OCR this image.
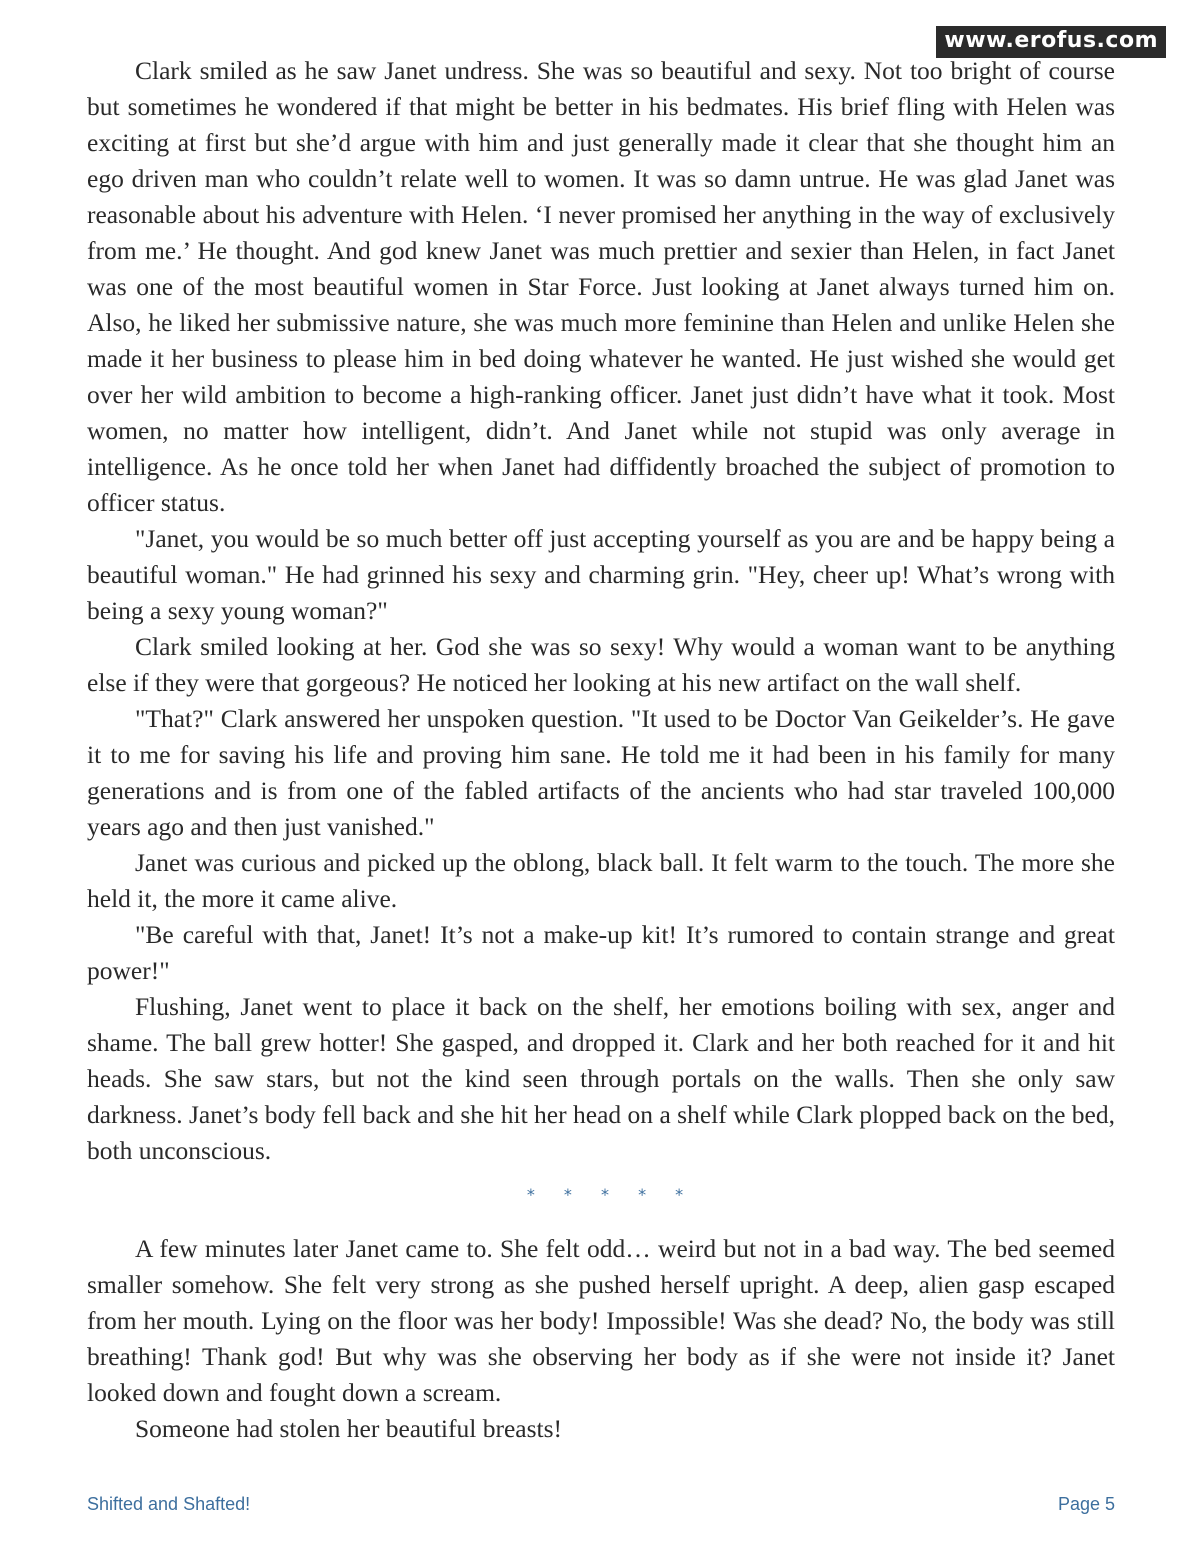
www.erofus.com

Clark smiled as he saw Janet undress. She was so beautiful and sexy. Not too bright of course but sometimes he wondered if that might be better in his bedmates. His brief fling with Helen was exciting at first but she’d argue with him and just generally made it clear that she thought him an ego driven man who couldn’t relate well to women. It was so damn untrue. He was glad Janet was reasonable about his adventure with Helen. ‘I never promised her anything in the way of exclusively from me.’ He thought. And god knew Janet was much prettier and sexier than Helen, in fact Janet was one of the most beautiful women in Star Force. Just looking at Janet always turned him on. Also, he liked her submissive nature, she was much more feminine than Helen and unlike Helen she made it her business to please him in bed doing whatever he wanted. He just wished she would get over her wild ambition to become a high-ranking officer. Janet just didn’t have what it took. Most women, no matter how intelligent, didn’t. And Janet while not stupid was only average in intelligence. As he once told her when Janet had diffidently broached the subject of promotion to officer status.

"Janet, you would be so much better off just accepting yourself as you are and be happy being a beautiful woman." He had grinned his sexy and charming grin. "Hey, cheer up! What’s wrong with being a sexy young woman?"

Clark smiled looking at her. God she was so sexy! Why would a woman want to be anything else if they were that gorgeous? He noticed her looking at his new artifact on the wall shelf.

"That?" Clark answered her unspoken question. "It used to be Doctor Van Geikelder’s. He gave it to me for saving his life and proving him sane. He told me it had been in his family for many generations and is from one of the fabled artifacts of the ancients who had star traveled 100,000 years ago and then just vanished."

Janet was curious and picked up the oblong, black ball. It felt warm to the touch. The more she held it, the more it came alive.

"Be careful with that, Janet! It’s not a make-up kit! It’s rumored to contain strange and great power!"

Flushing, Janet went to place it back on the shelf, her emotions boiling with sex, anger and shame. The ball grew hotter! She gasped, and dropped it. Clark and her both reached for it and hit heads. She saw stars, but not the kind seen through portals on the walls. Then she only saw darkness. Janet’s body fell back and she hit her head on a shelf while Clark plopped back on the bed, both unconscious.

* * * * *

A few minutes later Janet came to. She felt odd… weird but not in a bad way. The bed seemed smaller somehow. She felt very strong as she pushed herself upright. A deep, alien gasp escaped from her mouth. Lying on the floor was her body! Impossible! Was she dead? No, the body was still breathing! Thank god! But why was she observing her body as if she were not inside it? Janet looked down and fought down a scream.

Someone had stolen her beautiful breasts!

Shifted and Shafted!	Page 5
